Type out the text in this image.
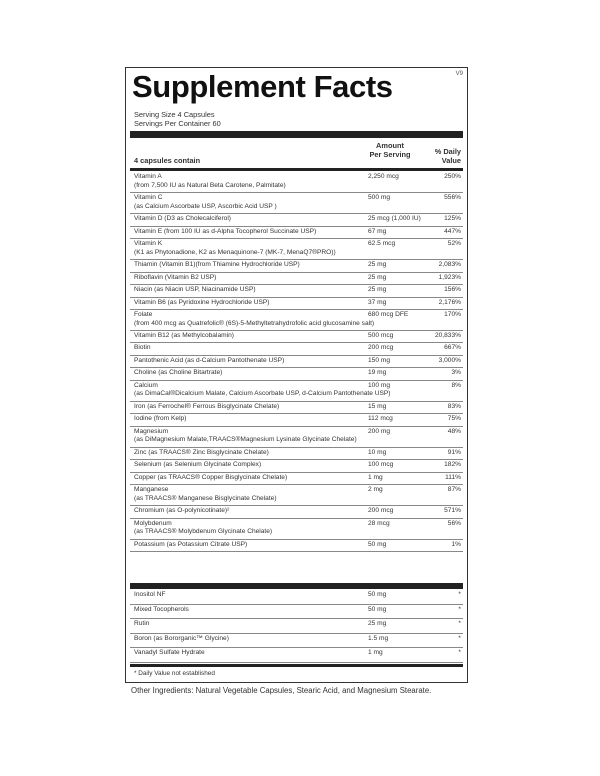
Supplement Facts	V9
Serving Size 4 Capsules
Servings Per Container 60
4 capsules contain
Amount
Per Serving	% Daily
Value
Vitamin A
(from 7,500 IU as Natural Beta Carotene, Palmitate)
2,250 mcg	250%
Vitamin C
(as Calcium Ascorbate USP, Ascorbic Acid USP )
500 mg	556%
Vitamin D (D3 as Cholecalciferol)	25 mcg (1,000 IU)	125%
Vitamin E (from 100 IU as d-Alpha Tocopherol Succinate USP)	67 mg	447%
Vitamin K
(K1 as Phytonadione, K2 as Menaquinone-7 (MK-7, MenaQ7®PRO))
62.5 mcg	52%
Thiamin (Vitamin B1)(from Thiamine Hydrochloride USP)	25 mg	2,083%
Riboflavin (Vitamin B2 USP)	25 mg	1,923%
Niacin (as Niacin USP, Niacinamide USP)	25 mg	156%
Vitamin B6 (as Pyridoxine Hydrochloride USP)	37 mg	2,176%
Folate
(from 400 mcg as Quatrefolic® (6S)-5-Methyltetrahydrofolic acid glucosamine salt)
680 mcg DFE	170%
Vitamin B12 (as Methylcobalamin)	500 mcg	20,833%
Biotin	200 mcg	667%
Pantothenic Acid (as d-Calcium Pantothenate USP)	150 mg	3,000%
Choline (as Choline Bitartrate)	19 mg	3%
Calcium
(as DimaCal®Dicalcium Malate, Calcium Ascorbate USP, d-Calcium Pantothenate USP)
100 mg	8%
Iron (as Ferrochel® Ferrous Bisglycinate Chelate)	15 mg	83%
Iodine (from Kelp)	112 mcg	75%
Magnesium
(as DiMagnesium Malate,TRAACS®Magnesium Lysinate Glycinate Chelate)
200 mg	48%
Zinc (as TRAACS® Zinc Bisglycinate Chelate)	10 mg	91%
Selenium (as Selenium Glycinate Complex)	100 mcg	182%
Copper (as TRAACS® Copper Bisglycinate Chelate)	1 mg	111%
Manganese
(as TRAACS® Manganese Bisglycinate Chelate)
2 mg	87%
Chromium (as O-polynicotinate)²	200 mcg	571%
Molybdenum
(as TRAACS® Molybdenum Glycinate Chelate)
28 mcg	56%
Potassium (as Potassium Citrate USP)	50 mg	1%
Inositol NF	50 mg	*
Mixed Tocopherols	50 mg	*
Rutin	25 mg	*
Boron (as Bororganic™ Glycine)	1.5 mg	*
Vanadyl Sulfate Hydrate	1 mg	*
* Daily Value not established
Other Ingredients: Natural Vegetable Capsules, Stearic Acid, and Magnesium Stearate.
